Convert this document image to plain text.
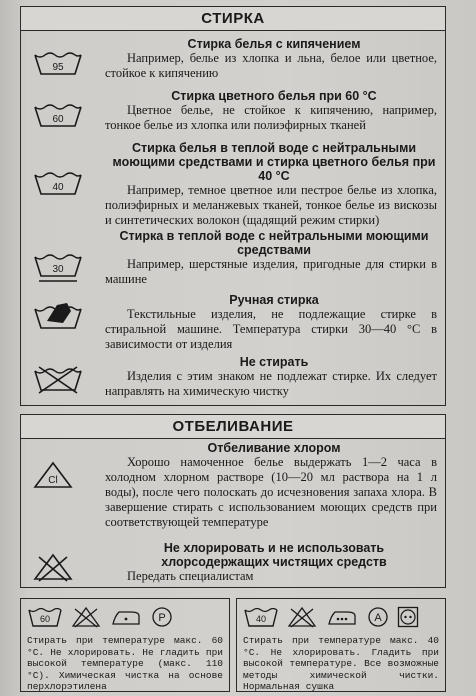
СТИРКА
95
Стирка белья с кипячением

Например, белье из хлопка и льна, белое или цветное, стойкое к кипячению

60
Стирка цветного белья при 60 °С

Цветное белье, не стойкое к кипячению, например, тонкое белье из хлопка или полиэфирных тканей

40
Стирка белья в теплой воде с нейтральными моющими средствами и стирка цветного белья при 40 °С

Например, темное цветное или пестрое белье из хлопка, полиэфирных и меланжевых тканей, тонкое белье из вискозы и синтетических волокон (щадящий режим стирки)

30
Стирка в теплой воде с нейтральными моющими средствами

Например, шерстяные изделия, пригодные для стирки в машине

Ручная стирка

Текстильные изделия, не подлежащие стирке в стиральной машине. Температура стирки 30—40 °С в зависимости от изделия

Не стирать

Изделия с этим знаком не подлежат стирке. Их следует направлять на химическую чистку

ОТБЕЛИВАНИЕ
Cl
Отбеливание хлором

Хорошо намоченное белье выдержать 1—2 часа в холодном хлорном растворе (10—20 мл раствора на 1 л воды), после чего полоскать до исчезновения запаха хлора. В завершение стирать с использованием моющих средств при соответствующей температуре

Не хлорировать и не использовать хлорсодержащих чистящих средств

Передать специалистам

60	P
Стирать при температуре макс. 60 °С. Не хлорировать. Не гладить при высокой температуре (макс. 110 °С). Химическая чистка на основе перхлорэтилена
40	A
Стирать при температуре макс. 40 °С. Не хлорировать. Гладить при высокой температуре. Все возможные методы химической чистки. Нормальная сушка
